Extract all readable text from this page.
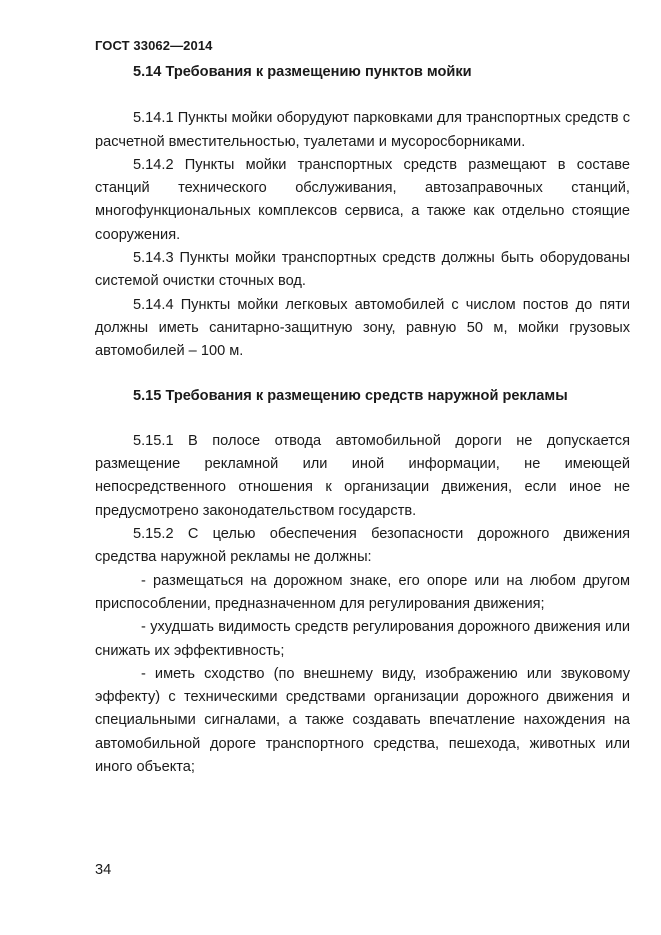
ГОСТ 33062—2014

5.14 Требования к размещению пунктов мойки

5.14.1 Пункты мойки оборудуют парковками для транспортных средств с расчетной вместительностью, туалетами и мусоросборниками.

5.14.2 Пункты мойки транспортных средств размещают в составе станций технического обслуживания, автозаправочных станций, многофункциональных комплексов сервиса, а также как отдельно стоящие сооружения.

5.14.3 Пункты мойки транспортных средств должны быть оборудованы системой очистки сточных вод.

5.14.4 Пункты мойки легковых автомобилей с числом постов до пяти должны иметь санитарно-защитную зону, равную 50 м, мойки грузовых автомобилей – 100 м.

5.15 Требования к размещению средств наружной рекламы

5.15.1 В полосе отвода автомобильной дороги не допускается размещение рекламной или иной информации, не имеющей непосредственного отношения к организации движения, если иное не предусмотрено законодательством государств.

5.15.2 С целью обеспечения безопасности дорожного движения средства наружной рекламы не должны:

- размещаться на дорожном знаке, его опоре или на любом другом приспособлении, предназначенном для регулирования движения;

- ухудшать видимость средств регулирования дорожного движения или снижать их эффективность;

- иметь сходство (по внешнему виду, изображению или звуковому эффекту) с техническими средствами организации дорожного движения и специальными сигналами, а также создавать впечатление нахождения на автомобильной дороге транспортного средства, пешехода, животных или иного объекта;

34
